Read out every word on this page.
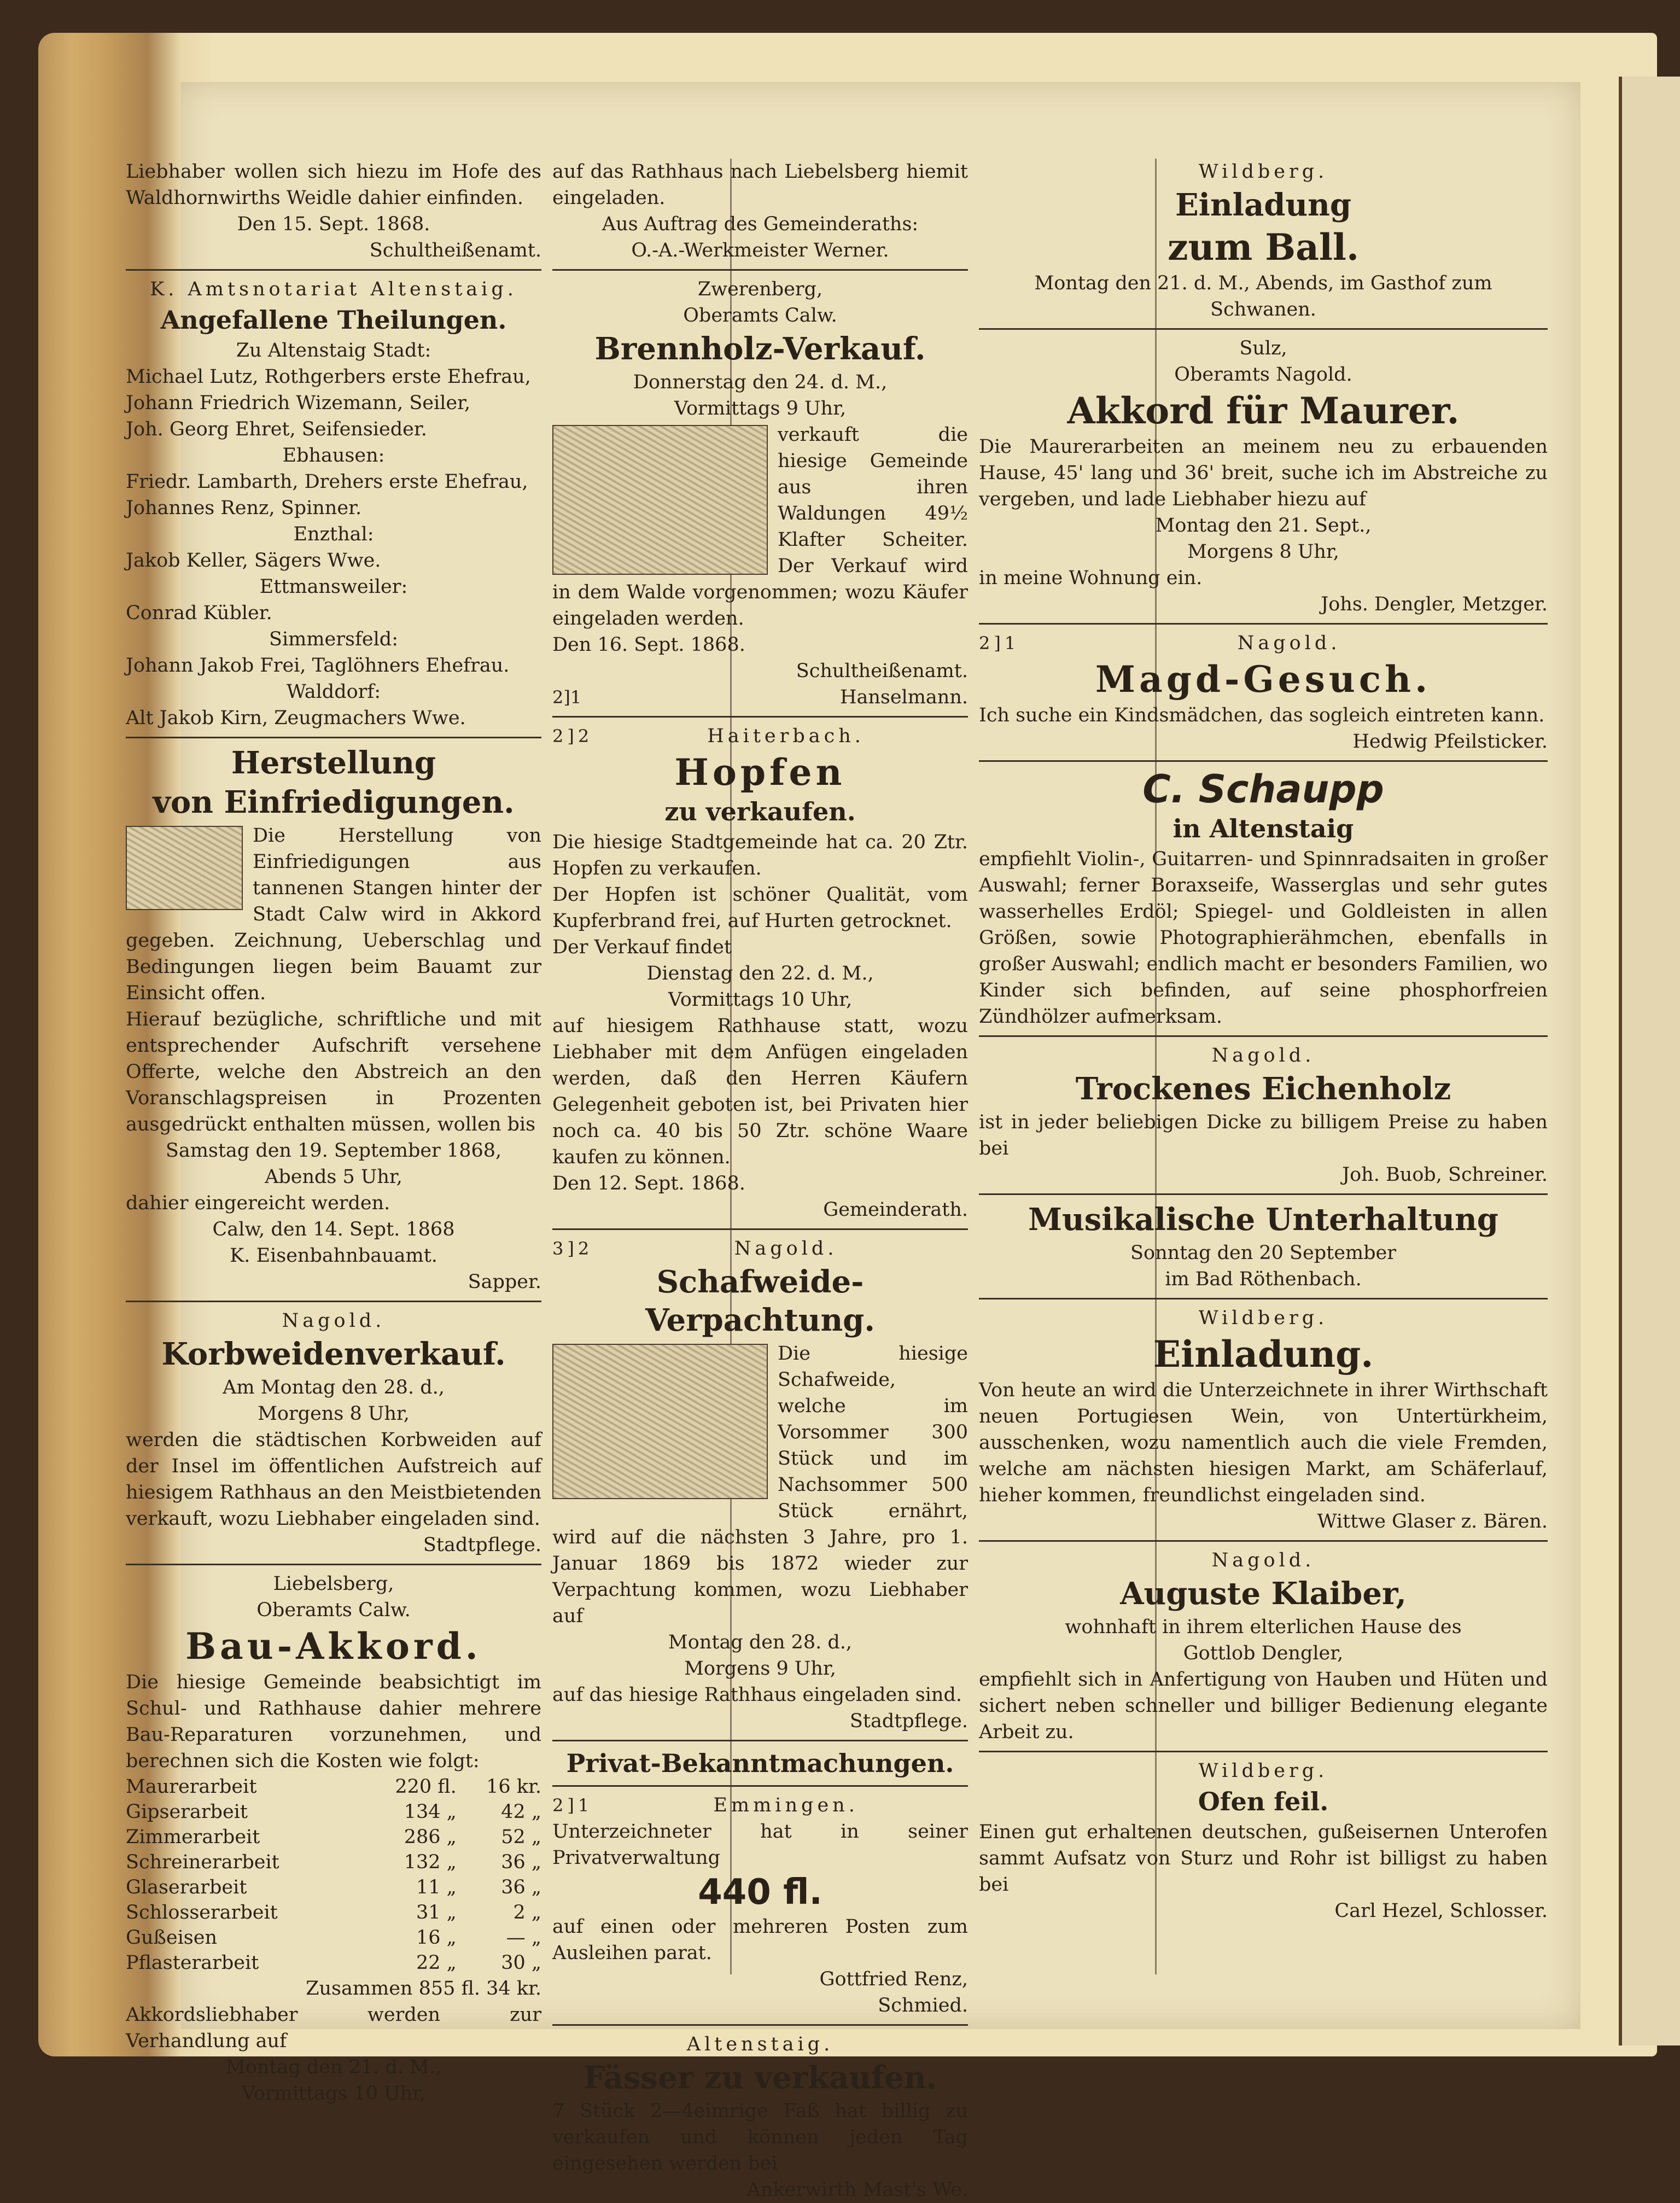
Liebhaber wollen sich hiezu im Hofe des Waldhornwirths Weidle dahier einfinden.

Den 15. Sept. 1868.

Schultheißenamt.

K. Amtsnotariat Altenstaig.

Angefallene Theilungen.

Zu Altenstaig Stadt:

Michael Lutz, Rothgerbers erste Ehefrau,

Johann Friedrich Wizemann, Seiler,

Joh. Georg Ehret, Seifensieder.

Ebhausen:

Friedr. Lambarth, Drehers erste Ehefrau,

Johannes Renz, Spinner.

Enzthal:

Jakob Keller, Sägers Wwe.

Ettmansweiler:

Conrad Kübler.

Simmersfeld:

Johann Jakob Frei, Taglöhners Ehefrau.

Walddorf:

Alt Jakob Kirn, Zeugmachers Wwe.

Herstellung
von Einfriedigungen.

Die Herstellung von Einfriedigungen aus tannenen Stangen hinter der Stadt Calw wird in Akkord gegeben. Zeichnung, Ueberschlag und Bedingungen liegen beim Bauamt zur Einsicht offen.

Hierauf bezügliche, schriftliche und mit entsprechender Aufschrift versehene Offerte, welche den Abstreich an den Voranschlagspreisen in Prozenten ausgedrückt enthalten müssen, wollen bis

Samstag den 19. September 1868,

Abends 5 Uhr,

dahier eingereicht werden.

Calw, den 14. Sept. 1868

K. Eisenbahnbauamt.

Sapper.

Nagold.

Korbweidenverkauf.

Am Montag den 28. d.,

Morgens 8 Uhr,

werden die städtischen Korbweiden auf der Insel im öffentlichen Aufstreich auf hiesigem Rathhaus an den Meistbietenden verkauft, wozu Liebhaber eingeladen sind.

Stadtpflege.

Liebelsberg,

Oberamts Calw.

Bau-Akkord.

Die hiesige Gemeinde beabsichtigt im Schul- und Rathhause dahier mehrere Bau-Reparaturen vorzunehmen, und berechnen sich die Kosten wie folgt:

Maurerarbeit	220 fl.	16 kr.
Gipserarbeit	134 „	42 „
Zimmerarbeit	286 „	52 „
Schreinerarbeit	132 „	36 „
Glaserarbeit	11 „	36 „
Schlosserarbeit	31 „	2 „
Gußeisen	16 „	— „
Pflasterarbeit	22 „	30 „

Zusammen 855 fl. 34 kr.

Akkordsliebhaber werden zur Verhandlung auf

Montag den 21. d. M.,

Vormittags 10 Uhr,

auf das Rathhaus nach Liebelsberg hiemit eingeladen.

Aus Auftrag des Gemeinderaths:

O.-A.-Werkmeister Werner.

Zwerenberg,

Oberamts Calw.

Brennholz-Verkauf.

Donnerstag den 24. d. M.,

Vormittags 9 Uhr,

verkauft die hiesige Gemeinde aus ihren Waldungen 49½ Klafter Scheiter. Der Verkauf wird in dem Walde vorgenommen; wozu Käufer eingeladen werden.

Den 16. Sept. 1868.

Schultheißenamt.

2]1	Hanselmann.

2]2	Haiterbach.

Hopfen
zu verkaufen.

Die hiesige Stadtgemeinde hat ca. 20 Ztr. Hopfen zu verkaufen.

Der Hopfen ist schöner Qualität, vom Kupferbrand frei, auf Hurten getrocknet.

Der Verkauf findet

Dienstag den 22. d. M.,

Vormittags 10 Uhr,

auf hiesigem Rathhause statt, wozu Liebhaber mit dem Anfügen eingeladen werden, daß den Herren Käufern Gelegenheit geboten ist, bei Privaten hier noch ca. 40 bis 50 Ztr. schöne Waare kaufen zu können.

Den 12. Sept. 1868.

Gemeinderath.

3]2	Nagold.

Schafweide-Verpachtung.

Die hiesige Schafweide, welche im Vorsommer 300 Stück und im Nachsommer 500 Stück ernährt, wird auf die nächsten 3 Jahre, pro 1. Januar 1869 bis 1872 wieder zur Verpachtung kommen, wozu Liebhaber auf

Montag den 28. d.,

Morgens 9 Uhr,

auf das hiesige Rathhaus eingeladen sind.

Stadtpflege.

Privat-Bekanntmachungen.

2]1	Emmingen.

Unterzeichneter hat in seiner Privatverwaltung

440 fl.

auf einen oder mehreren Posten zum Ausleihen parat.

Gottfried Renz,

Schmied.

Altenstaig.

Fässer zu verkaufen.

7 Stück 2—4eimrige Faß hat billig zu verkaufen und können jeden Tag eingesehen werden bei

Ankerwirth Mast's We.

Wildberg.

Einladung
zum Ball.

Montag den 21. d. M., Abends, im Gasthof zum Schwanen.

Sulz,

Oberamts Nagold.

Akkord für Maurer.

Die Maurerarbeiten an meinem neu zu erbauenden Hause, 45' lang und 36' breit, suche ich im Abstreiche zu vergeben, und lade Liebhaber hiezu auf

Montag den 21. Sept.,

Morgens 8 Uhr,

in meine Wohnung ein.

Johs. Dengler, Metzger.

2]1	Nagold.

Magd-Gesuch.

Ich suche ein Kindsmädchen, das sogleich eintreten kann.

Hedwig Pfeilsticker.

C. Schaupp
in Altenstaig

empfiehlt Violin-, Guitarren- und Spinnradsaiten in großer Auswahl; ferner Boraxseife, Wasserglas und sehr gutes wasserhelles Erdöl; Spiegel- und Goldleisten in allen Größen, sowie Photographierähmchen, ebenfalls in großer Auswahl; endlich macht er besonders Familien, wo Kinder sich befinden, auf seine phosphorfreien Zündhölzer aufmerksam.

Nagold.

Trockenes Eichenholz

ist in jeder beliebigen Dicke zu billigem Preise zu haben bei

Joh. Buob, Schreiner.

Musikalische Unterhaltung

Sonntag den 20 September

im Bad Röthenbach.

Wildberg.

Einladung.

Von heute an wird die Unterzeichnete in ihrer Wirthschaft neuen Portugiesen Wein, von Untertürkheim, ausschenken, wozu namentlich auch die viele Fremden, welche am nächsten hiesigen Markt, am Schäferlauf, hieher kommen, freundlichst eingeladen sind.

Wittwe Glaser z. Bären.

Nagold.

Auguste Klaiber,

wohnhaft in ihrem elterlichen Hause des

Gottlob Dengler,

empfiehlt sich in Anfertigung von Hauben und Hüten und sichert neben schneller und billiger Bedienung elegante Arbeit zu.

Wildberg.

Ofen feil.

Einen gut erhaltenen deutschen, gußeisernen Unterofen sammt Aufsatz von Sturz und Rohr ist billigst zu haben bei

Carl Hezel, Schlosser.
